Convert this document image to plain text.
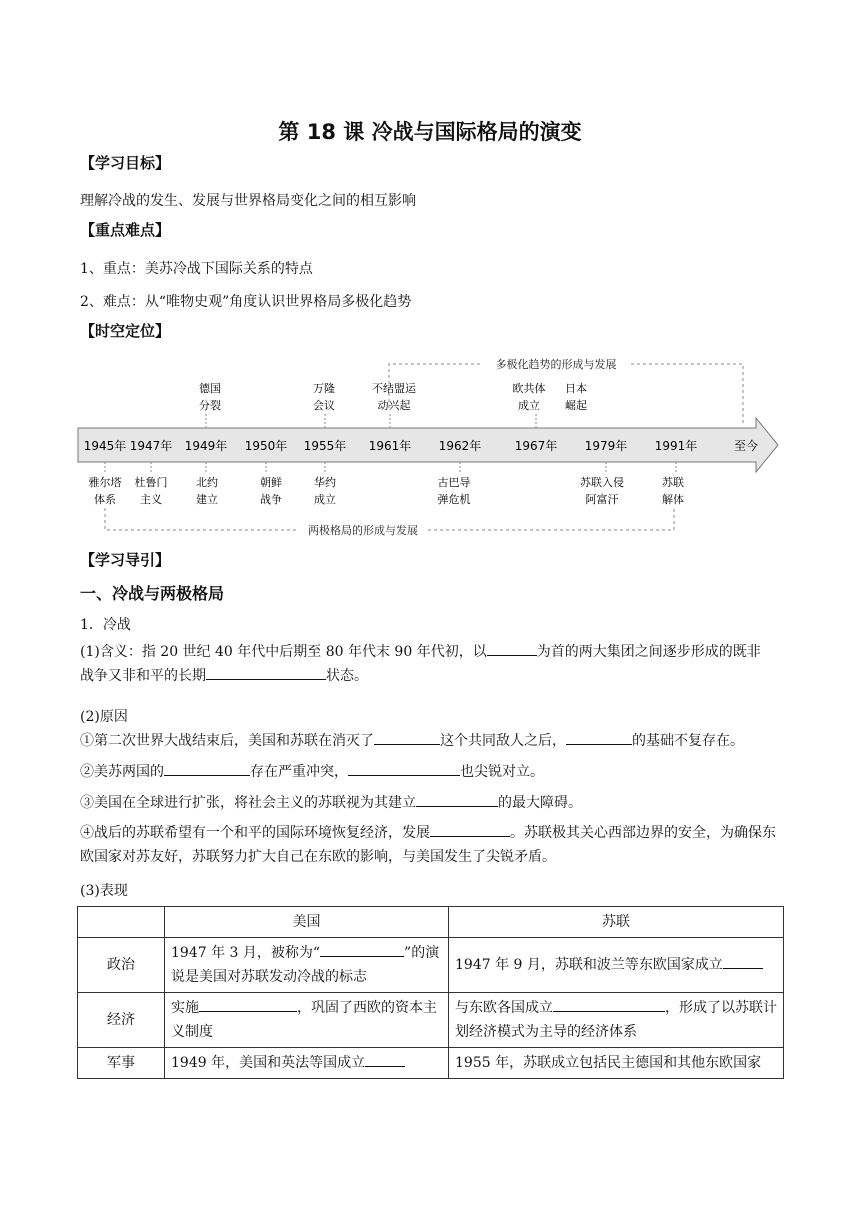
第 18 课 冷战与国际格局的演变
【学习目标】
理解冷战的发生、发展与世界格局变化之间的相互影响
【重点难点】
1、重点：美苏冷战下国际关系的特点
2、难点：从“唯物史观”角度认识世界格局多极化趋势
【时空定位】
多极化趋势的形成与发展
两极格局的形成与发展
1945年 1947年 1949年 1950年 1955年 1961年 1962年	1967年 1979年 1991年	至今
德国
分裂
万隆
会议
不结盟运
动兴起
欧共体
成立
日本
崛起
雅尔塔
体系
杜鲁门
主义
北约
建立
朝鲜
战争
华约
成立
古巴导
弹危机
苏联入侵
阿富汗
苏联
解体
【学习导引】
一、冷战与两极格局
1．冷战
(1)含义：指 20 世纪 40 年代中后期至 80 年代末 90 年代初，以	为首的两大集团之间逐步形成的既非
战争又非和平的长期	状态。
(2)原因
①第二次世界大战结束后，美国和苏联在消灭了	这个共同敌人之后，	的基础不复存在。
②美苏两国的	存在严重冲突，	也尖锐对立。
③美国在全球进行扩张，将社会主义的苏联视为其建立	的最大障碍。
④战后的苏联希望有一个和平的国际环境恢复经济，发展	。苏联极其关心西部边界的安全，为确保东欧国家对苏友好，苏联努力扩大自己在东欧的影响，与美国发生了尖锐矛盾。
(3)表现
	美国	苏联
政治	1947 年 3 月，被称为“ ”的演说是美国对苏联发动冷战的标志	1947 年 9 月，苏联和波兰等东欧国家成立
经济	实施 ，巩固了西欧的资本主义制度	与东欧各国成立 ，形成了以苏联计划经济模式为主导的经济体系
军事	1949 年，美国和英法等国成立	1955 年，苏联成立包括民主德国和其他东欧国家
